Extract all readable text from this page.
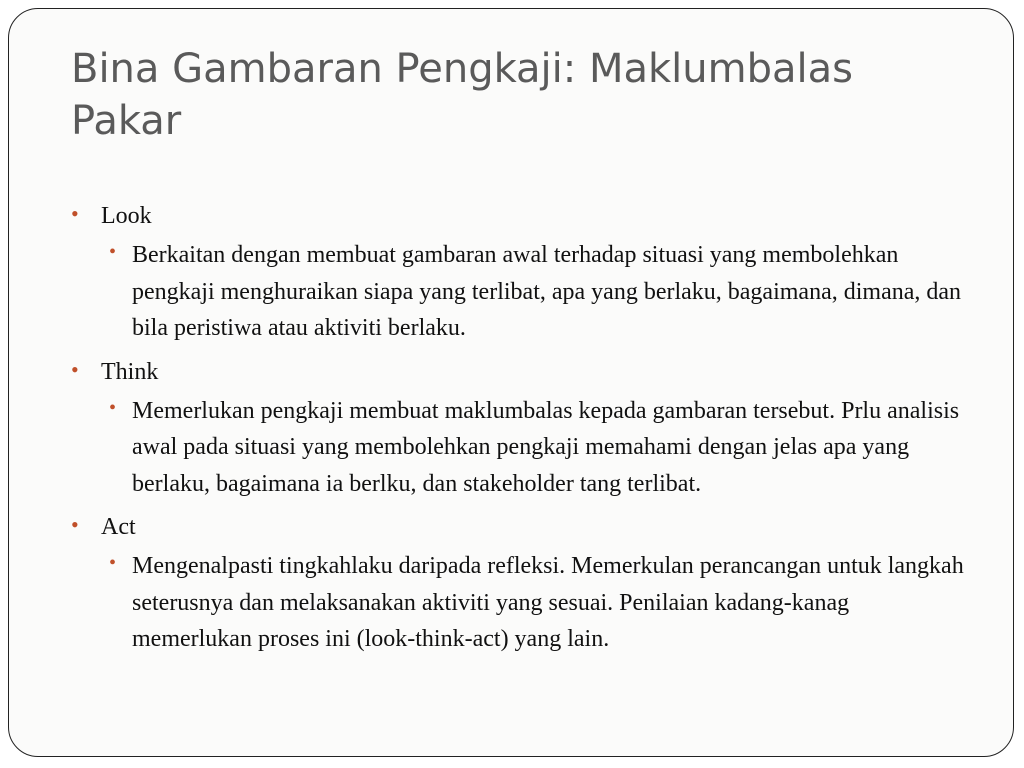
Bina Gambaran Pengkaji: Maklumbalas Pakar
• Look
• Berkaitan dengan membuat gambaran awal terhadap situasi yang membolehkan pengkaji menghuraikan siapa yang terlibat, apa yang berlaku, bagaimana, dimana, dan bila peristiwa atau aktiviti berlaku.
• Think
• Memerlukan pengkaji membuat maklumbalas kepada gambaran tersebut. Prlu analisis awal pada situasi yang membolehkan pengkaji memahami dengan jelas apa yang berlaku, bagaimana ia berlku, dan stakeholder tang terlibat.
• Act
• Mengenalpasti tingkahlaku daripada refleksi. Memerkulan perancangan untuk langkah seterusnya dan melaksanakan aktiviti yang sesuai. Penilaian kadang-kanag memerlukan proses ini (look-think-act) yang lain.
